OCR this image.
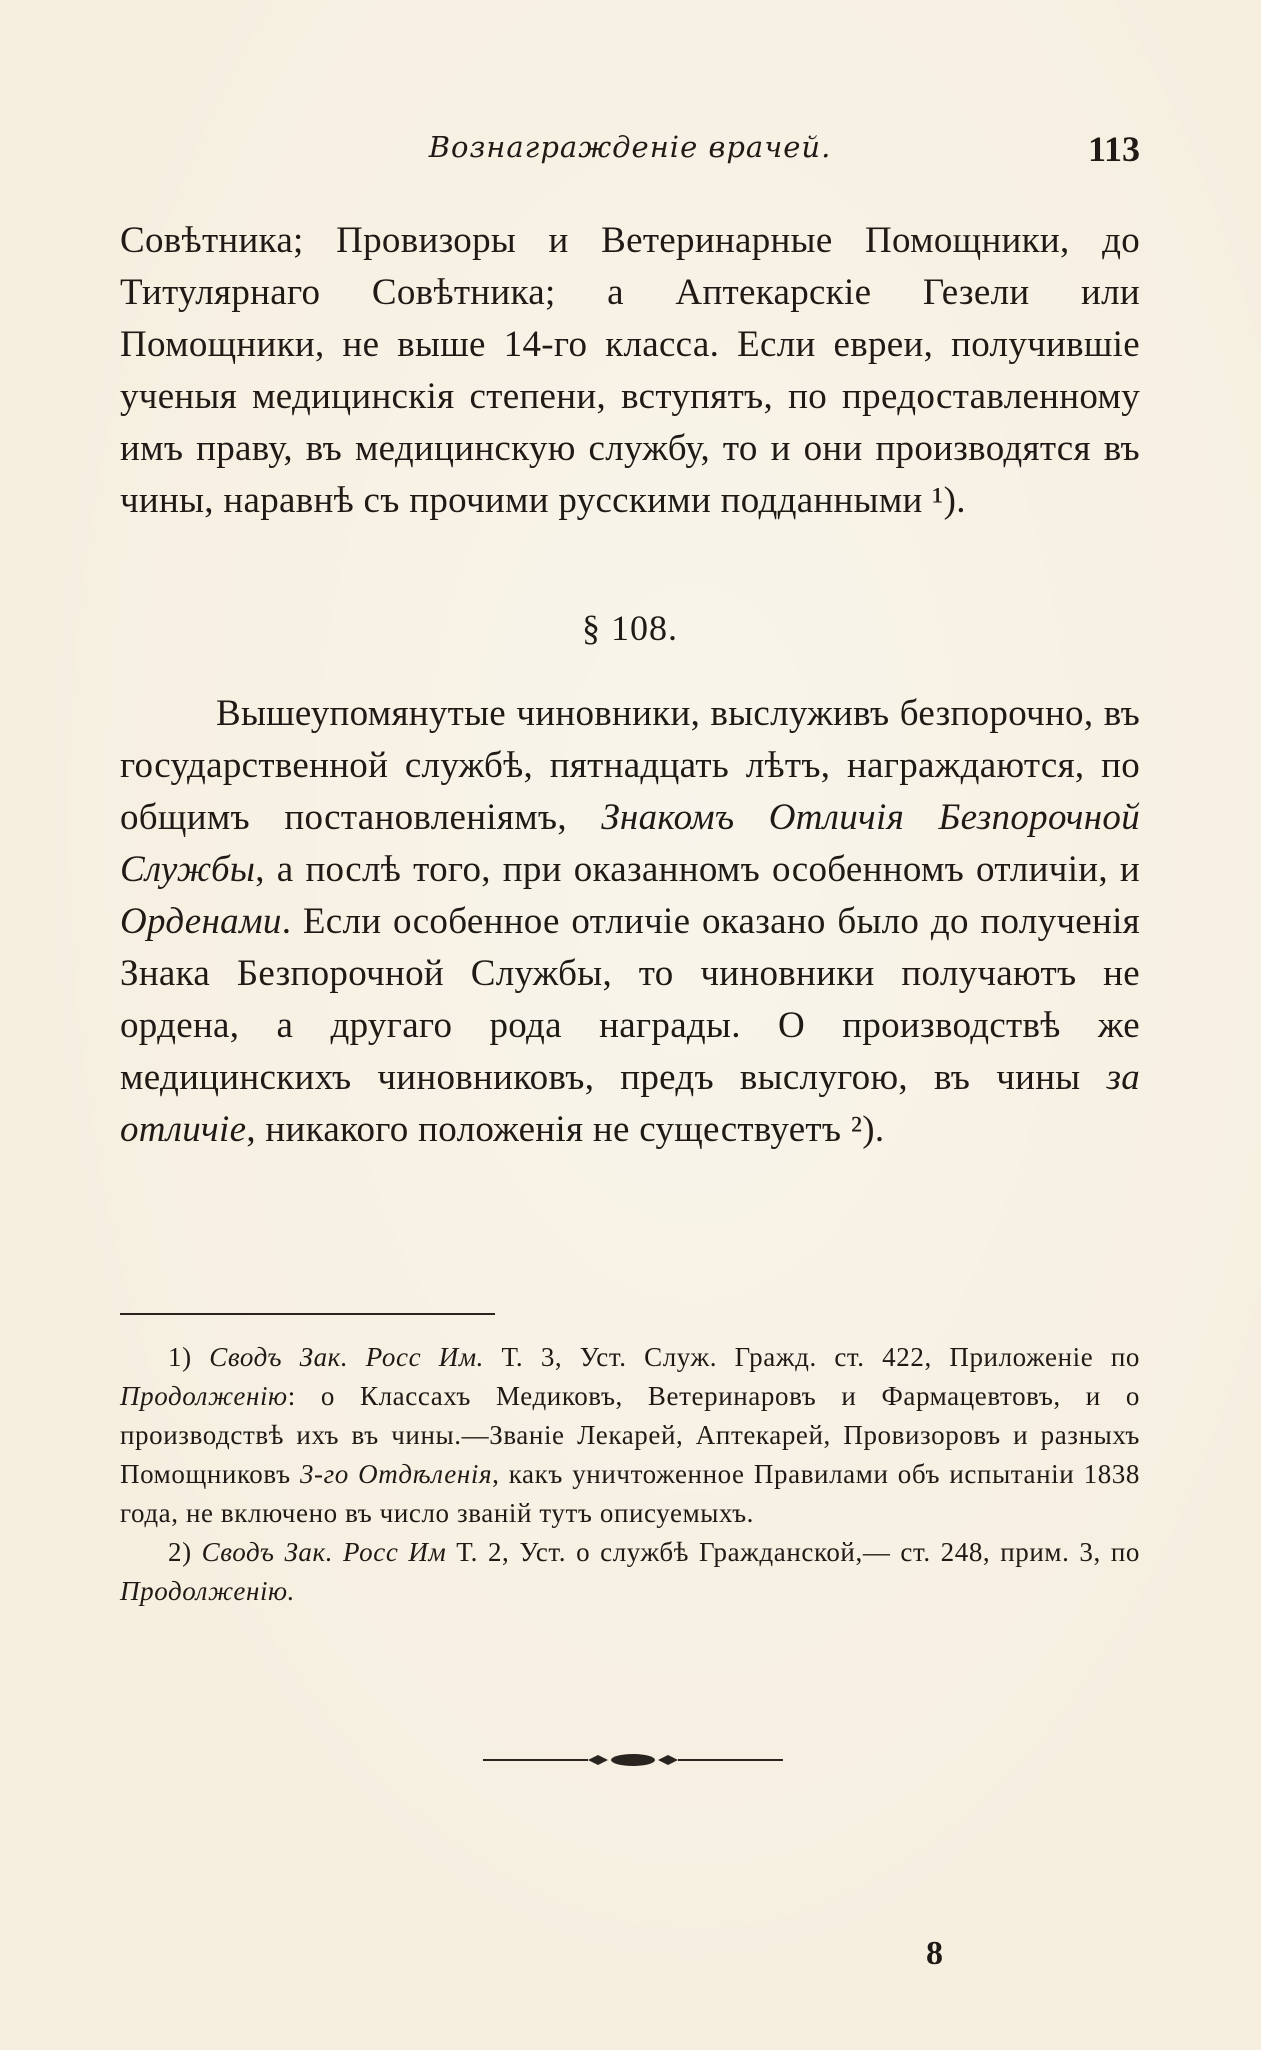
Вознагражденіе врачей.	113
Совѣтника; Провизоры и Ветеринарные Помощники, до Титулярнаго Совѣтника; а Аптекарскіе Гезели или Помощники, не выше 14-го класса. Если евреи, получившіе ученыя медицинскія степени, вступятъ, по предоставленному имъ праву, въ медицинскую службу, то и они производятся въ чины, наравнѣ съ прочими русскими подданными ¹).
§ 108.
Вышеупомянутые чиновники, выслуживъ безпорочно, въ государственной службѣ, пятнадцать лѣтъ, награждаются, по общимъ постановленіямъ, Знакомъ Отличія Безпорочной Службы, а послѣ того, при оказанномъ особенномъ отличіи, и Орденами. Если особенное отличіе оказано было до полученія Знака Безпорочной Службы, то чиновники получаютъ не ордена, а другаго рода награды. О производствѣ же медицинскихъ чиновниковъ, предъ выслугою, въ чины за отличіе, никакого положенія не существуетъ ²).

1) Сводъ Зак. Росс Им. Т. 3, Уст. Служ. Гражд. ст. 422, Приложеніе по Продолженію: о Классахъ Медиковъ, Ветеринаровъ и Фармацевтовъ, и о производствѣ ихъ въ чины.—Званіе Лекарей, Аптекарей, Провизоровъ и разныхъ Помощниковъ 3-го Отдѣленія, какъ уничтоженное Правилами объ испытаніи 1838 года, не включено въ число званій тутъ описуемыхъ.

2) Сводъ Зак. Росс Им Т. 2, Уст. о службѣ Гражданской,— ст. 248, прим. 3, по Продолженію.

8
